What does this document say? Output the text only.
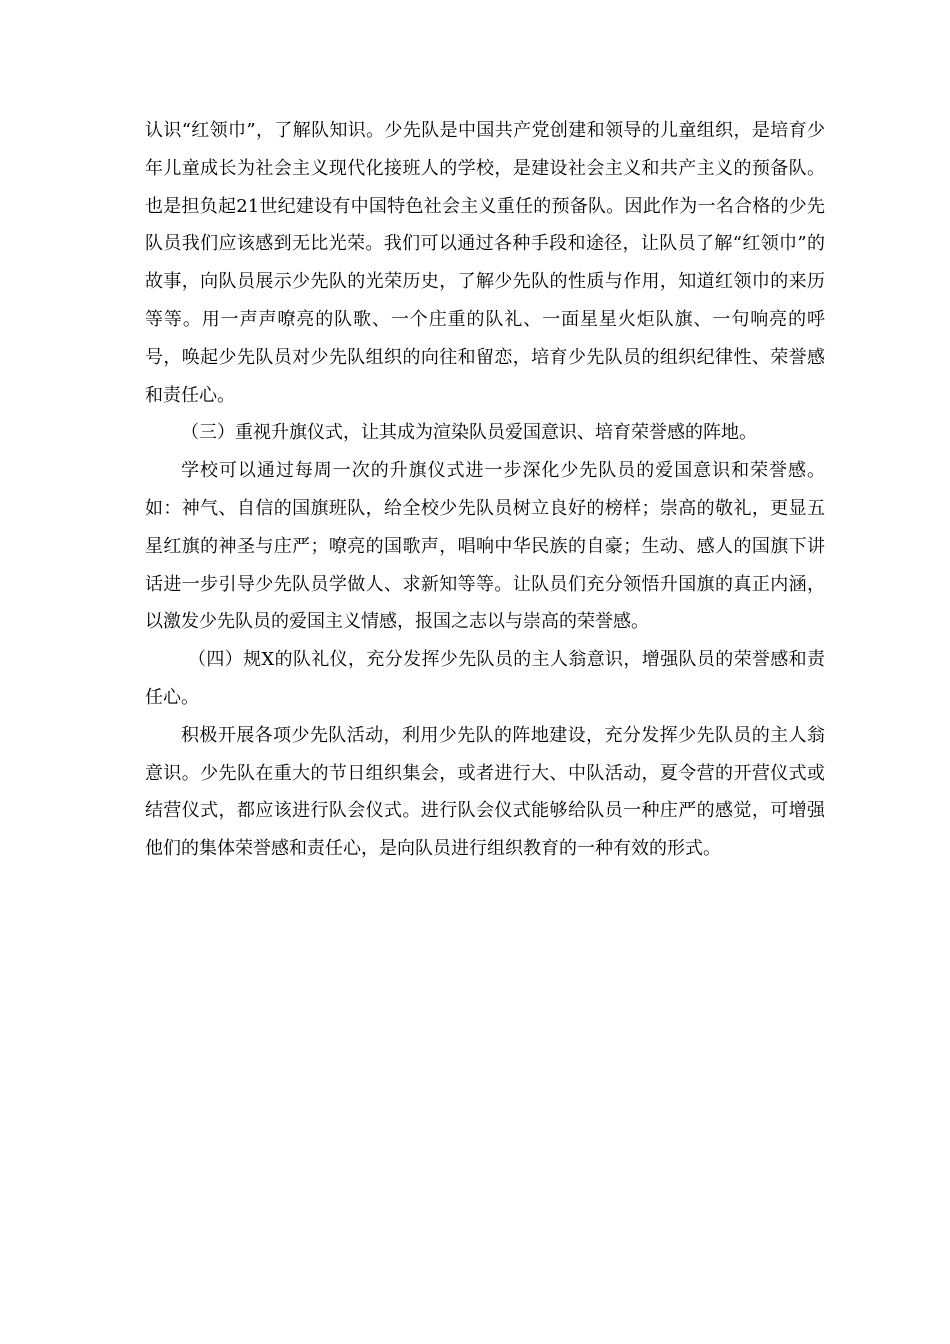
认识“红领巾”，了解队知识。少先队是中国共产党创建和领导的儿童组织，是培育少年儿童成长为社会主义现代化接班人的学校，是建设社会主义和共产主义的预备队。也是担负起21世纪建设有中国特色社会主义重任的预备队。因此作为一名合格的少先队员我们应该感到无比光荣。我们可以通过各种手段和途径，让队员了解“红领巾”的故事，向队员展示少先队的光荣历史，了解少先队的性质与作用，知道红领巾的来历等等。用一声声嘹亮的队歌、一个庄重的队礼、一面星星火炬队旗、一句响亮的呼号，唤起少先队员对少先队组织的向往和留恋，培育少先队员的组织纪律性、荣誉感和责任心。

（三）重视升旗仪式，让其成为渲染队员爱国意识、培育荣誉感的阵地。

学校可以通过每周一次的升旗仪式进一步深化少先队员的爱国意识和荣誉感。如：神气、自信的国旗班队，给全校少先队员树立良好的榜样；崇高的敬礼，更显五星红旗的神圣与庄严；嘹亮的国歌声，唱响中华民族的自豪；生动、感人的国旗下讲话进一步引导少先队员学做人、求新知等等。让队员们充分领悟升国旗的真正内涵，以激发少先队员的爱国主义情感，报国之志以与崇高的荣誉感。

（四）规X的队礼仪，充分发挥少先队员的主人翁意识，增强队员的荣誉感和责任心。

积极开展各项少先队活动，利用少先队的阵地建设，充分发挥少先队员的主人翁意识。少先队在重大的节日组织集会，或者进行大、中队活动，夏令营的开营仪式或结营仪式，都应该进行队会仪式。进行队会仪式能够给队员一种庄严的感觉，可增强他们的集体荣誉感和责任心，是向队员进行组织教育的一种有效的形式。
